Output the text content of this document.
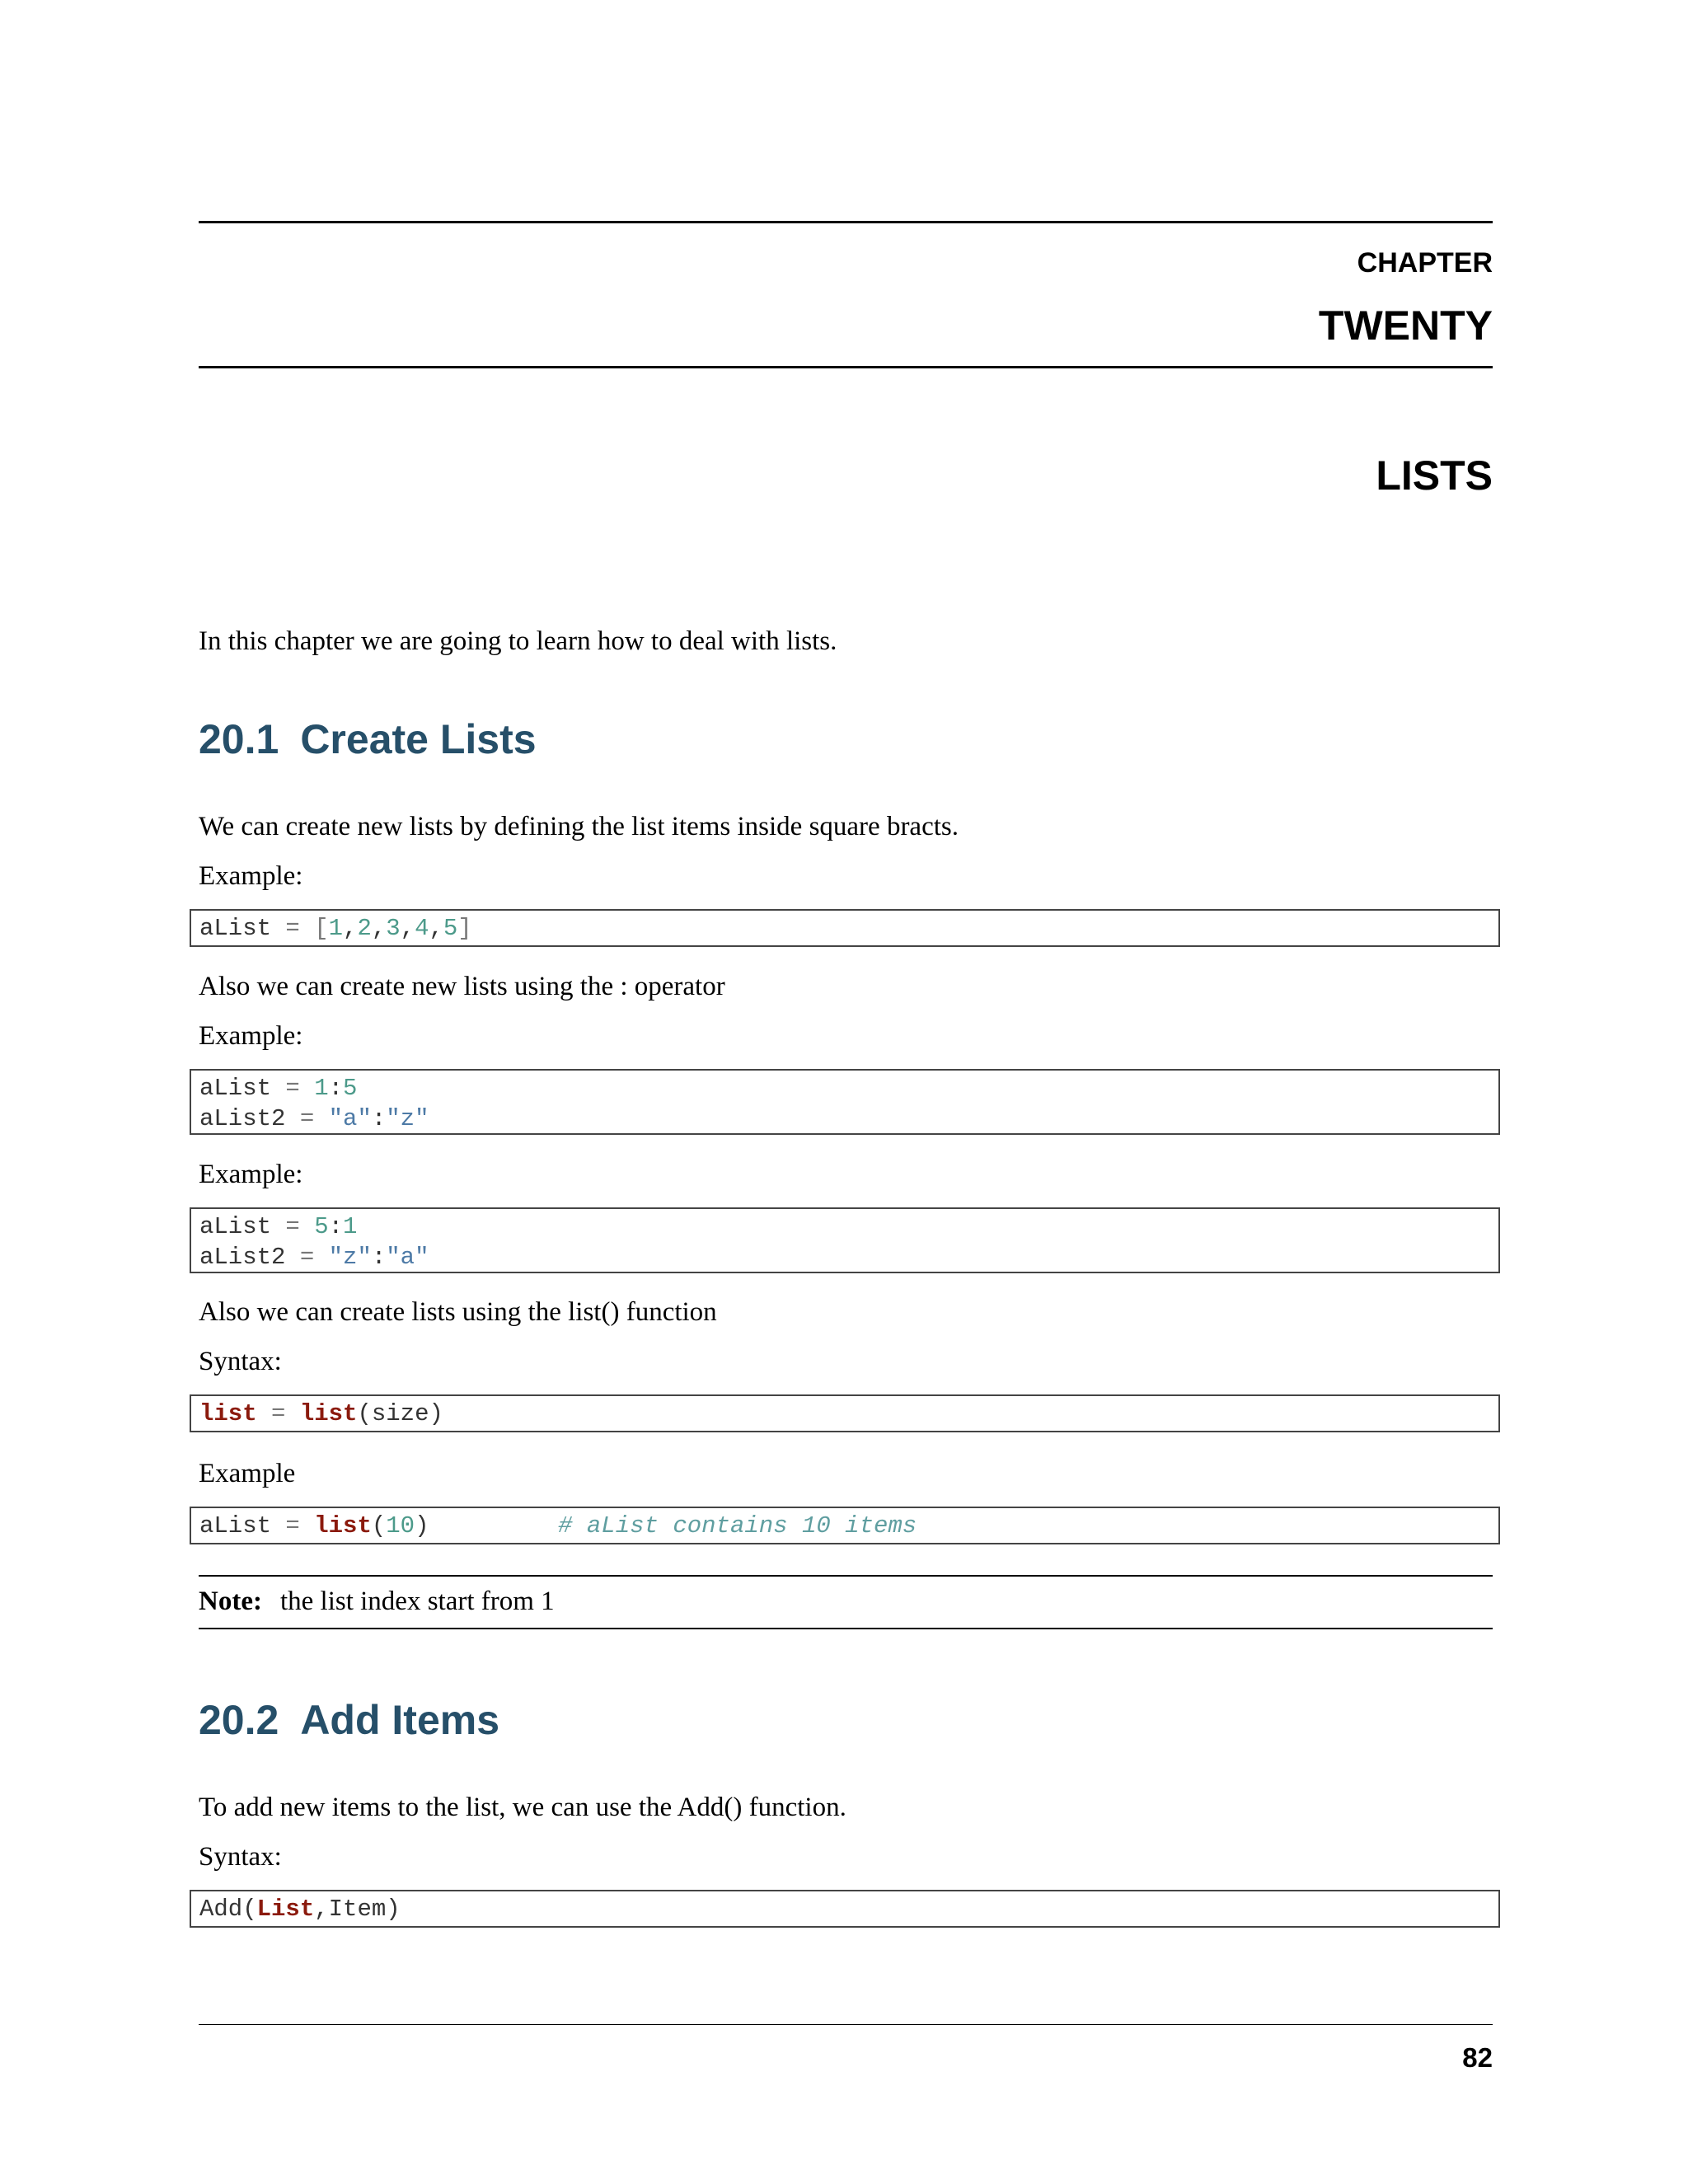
CHAPTER
TWENTY
LISTS
In this chapter we are going to learn how to deal with lists.
20.1 Create Lists
We can create new lists by defining the list items inside square bracts.
Example:
aList = [1,2,3,4,5]
Also we can create new lists using the : operator
Example:
aList = 1:5
aList2 = "a":"z"
Example:
aList = 5:1
aList2 = "z":"a"
Also we can create lists using the list() function
Syntax:
list = list(size)
Example
aList = list(10)	# aList contains 10 items
Note: the list index start from 1
20.2 Add Items
To add new items to the list, we can use the Add() function.
Syntax:
Add(List,Item)
82
